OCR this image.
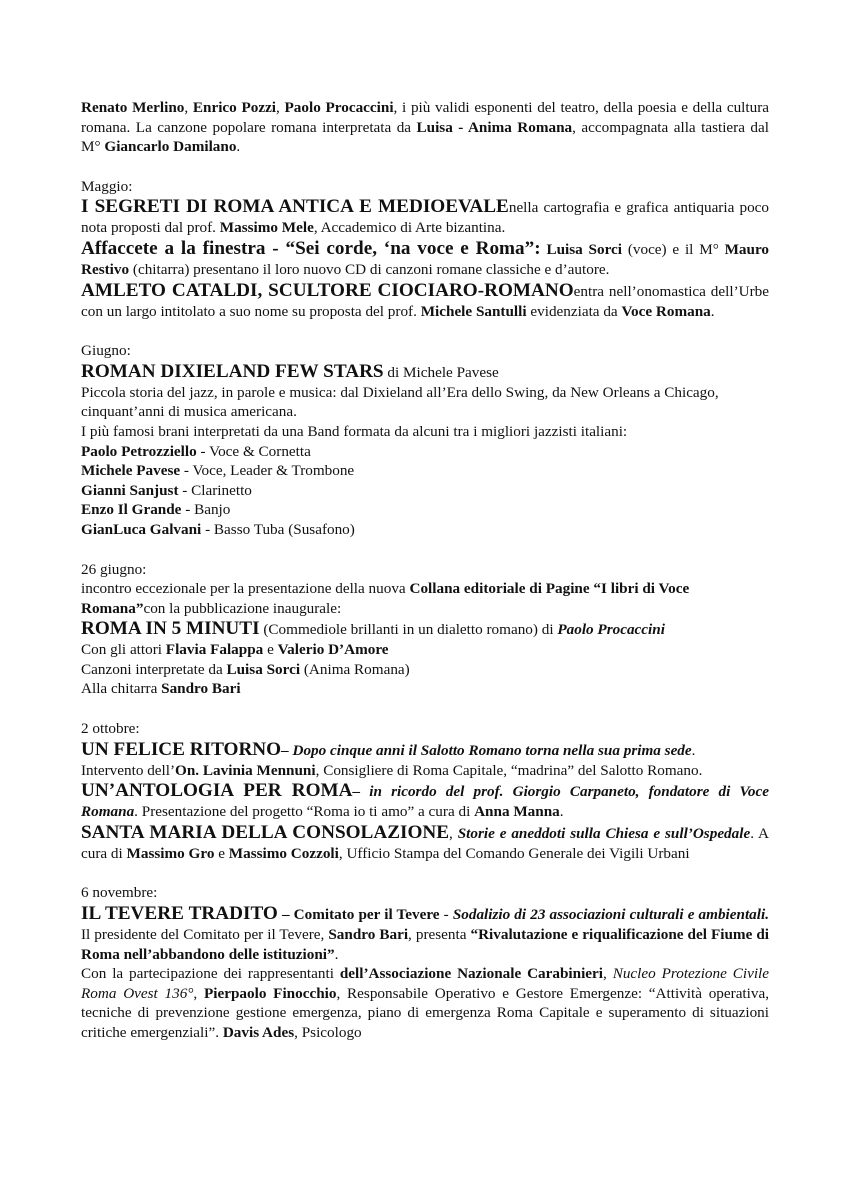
Renato Merlino, Enrico Pozzi, Paolo Procaccini, i più validi esponenti del teatro, della poesia e della cultura romana. La canzone popolare romana interpretata da Luisa - Anima Romana, accompagnata alla tastiera dal M° Giancarlo Damilano.

Maggio:

I SEGRETI DI ROMA ANTICA E MEDIOEVALEnella cartografia e grafica antiquaria poco nota proposti dal prof. Massimo Mele, Accademico di Arte bizantina.

Affaccete a la finestra - “Sei corde, ‘na voce e Roma”: Luisa Sorci (voce) e il M° Mauro Restivo (chitarra) presentano il loro nuovo CD di canzoni romane classiche e d’autore.

AMLETO CATALDI, SCULTORE CIOCIARO-ROMANOentra nell’onomastica dell’Urbe con un largo intitolato a suo nome su proposta del prof. Michele Santulli evidenziata da Voce Romana.

Giugno:

ROMAN DIXIELAND FEW STARS di Michele Pavese

Piccola storia del jazz, in parole e musica: dal Dixieland all’Era dello Swing, da New Orleans a Chicago, cinquant’anni di musica americana.

I più famosi brani interpretati da una Band formata da alcuni tra i migliori jazzisti italiani:

Paolo Petrozziello - Voce & Cornetta

Michele Pavese - Voce, Leader & Trombone

Gianni Sanjust - Clarinetto

Enzo Il Grande - Banjo

GianLuca Galvani - Basso Tuba (Susafono)

26 giugno:

incontro eccezionale per la presentazione della nuova Collana editoriale di Pagine “I libri di Voce Romana”con la pubblicazione inaugurale:

ROMA IN 5 MINUTI (Commediole brillanti in un dialetto romano) di Paolo Procaccini

Con gli attori Flavia Falappa e Valerio D’Amore

Canzoni interpretate da Luisa Sorci (Anima Romana)

Alla chitarra Sandro Bari

2 ottobre:

UN FELICE RITORNO– Dopo cinque anni il Salotto Romano torna nella sua prima sede.
Intervento dell’On. Lavinia Mennuni, Consigliere di Roma Capitale, “madrina” del Salotto Romano.

UN’ANTOLOGIA PER ROMA– in ricordo del prof. Giorgio Carpaneto, fondatore di Voce Romana. Presentazione del progetto “Roma io ti amo” a cura di Anna Manna.

SANTA MARIA DELLA CONSOLAZIONE, Storie e aneddoti sulla Chiesa e sull’Ospedale. A cura di Massimo Gro e Massimo Cozzoli, Ufficio Stampa del Comando Generale dei Vigili Urbani

6 novembre:

IL TEVERE TRADITO – Comitato per il Tevere - Sodalizio di 23 associazioni culturali e ambientali. Il presidente del Comitato per il Tevere, Sandro Bari, presenta “Rivalutazione e riqualificazione del Fiume di Roma nell’abbandono delle istituzioni”.

Con la partecipazione dei rappresentanti dell’Associazione Nazionale Carabinieri, Nucleo Protezione Civile Roma Ovest 136°, Pierpaolo Finocchio, Responsabile Operativo e Gestore Emergenze: “Attività operativa, tecniche di prevenzione gestione emergenza, piano di emergenza Roma Capitale e superamento di situazioni critiche emergenziali”. Davis Ades, Psicologo
